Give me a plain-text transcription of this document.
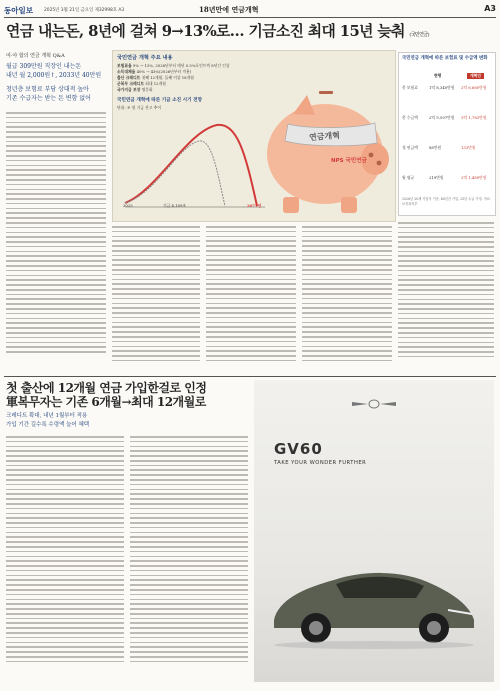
동아일보	2025년 3월 21일 금요일 제32998호 A3	18년만에 연금개혁	A3
연금 내는돈, 8년에 걸쳐 9→13%로… 기금소진 최대 15년 늦춰 (국민연금)
여·야 합의 연금 개혁 Q&A
월급 309만원 직장인 내는돈
내년 월 2,000원↑, 2033년 40만원
청년층 보험료 부담 상대적 높아
기존 수급자는 받는 돈 변함 없어
국민연금 개혁 주요 내용
보험료율 9% → 13%, 2026년부터 매년 0.5%포인트씩 8년간 인상
소득대체율 40% → 43%(2026년부터 적용)
출산 크레디트 첫째 12개월, 둘째 이상 18개월
군복무 크레디트 최대 12개월
국가지급 보장 명문화
국민연금 개혁에 따른 기금 소진 시기 전망
단위: 조 원 기금 잔고 추이
2025	2071년
기금 4,109조
연금개혁
NPS 국민연금
국민연금 개혁에 따른 보험료 및 수급액 변화
현행	개혁안
총 보험료	1억 8,340만원 2억 6,660만원
총 수급액	2억 9,597만원 3억 1,783만원
첫 연금액	88만원	133만원
월 평균	219만원	2억 1,489만원
2026년 20세 가입자 기준, 40년간 가입, 25년 수급 가정. 자료: 보건복지부
첫 출산에 12개월 연금 가입한걸로 인정
軍복무자는 기존 6개월→최대 12개월로
크레디트 확대, 내년 1월부터 적용
가입 기간 길수록 수령액 늘어 혜택
GV60
TAKE YOUR WONDER FURTHER
